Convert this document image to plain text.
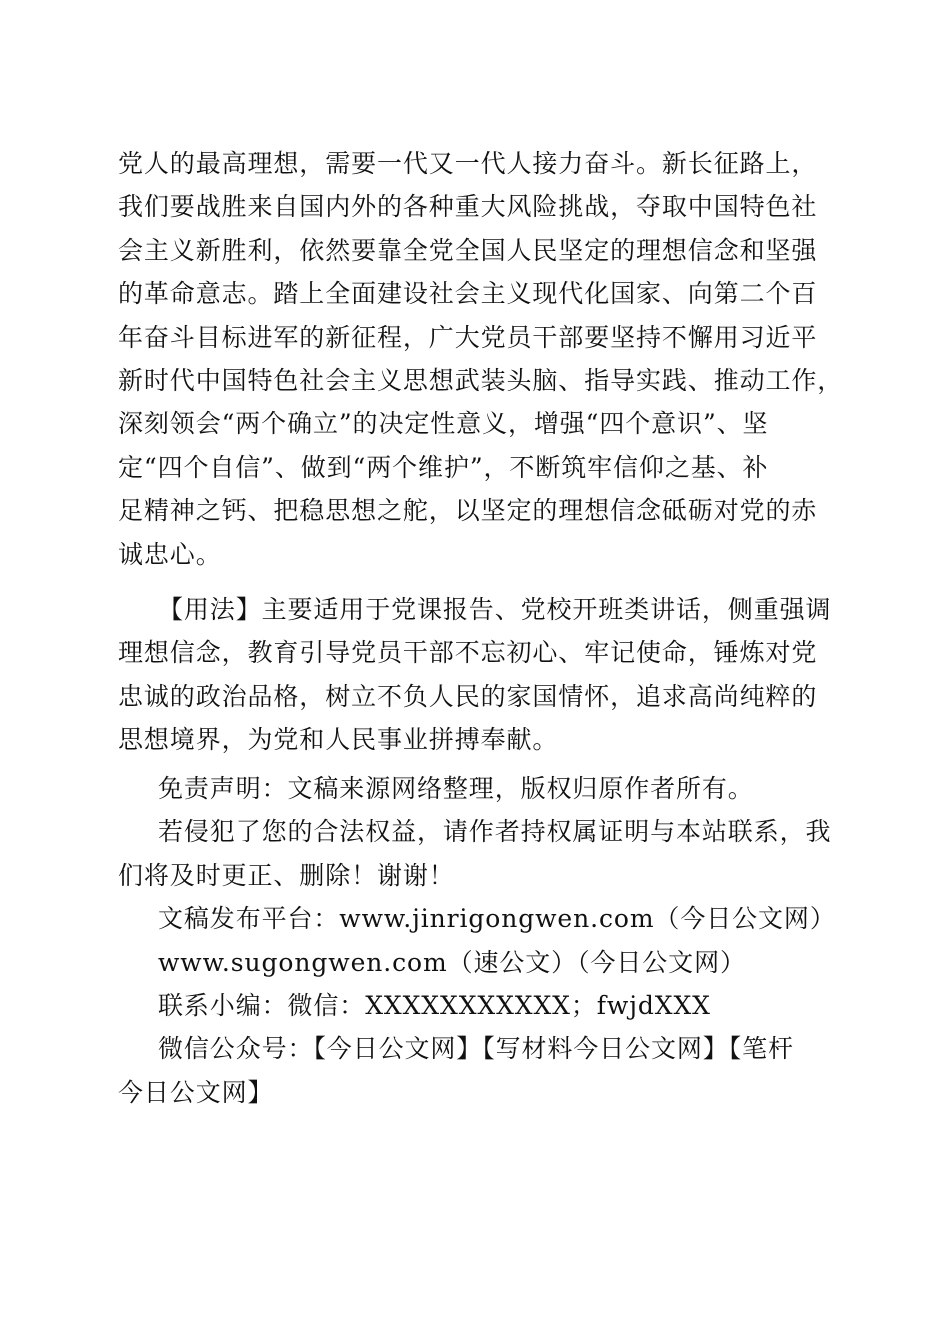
党人的最高理想，需要一代又一代人接力奋斗。新长征路上，
我们要战胜来自国内外的各种重大风险挑战，夺取中国特色社
会主义新胜利，依然要靠全党全国人民坚定的理想信念和坚强
的革命意志。踏上全面建设社会主义现代化国家、向第二个百
年奋斗目标进军的新征程，广大党员干部要坚持不懈用习近平
新时代中国特色社会主义思想武装头脑、指导实践、推动工作，
深刻领会“两个确立”的决定性意义，增强“四个意识”、坚
定“四个自信”、做到“两个维护”，不断筑牢信仰之基、补
足精神之钙、把稳思想之舵，以坚定的理想信念砥砺对党的赤
诚忠心。
【用法】主要适用于党课报告、党校开班类讲话，侧重强调
理想信念，教育引导党员干部不忘初心、牢记使命，锤炼对党
忠诚的政治品格，树立不负人民的家国情怀，追求高尚纯粹的
思想境界，为党和人民事业拼搏奉献。
免责声明：文稿来源网络整理，版权归原作者所有。
若侵犯了您的合法权益，请作者持权属证明与本站联系，我
们将及时更正、删除！谢谢！
文稿发布平台：www.jinrigongwen.com（今日公文网）
www.sugongwen.com（速公文）（今日公文网）
联系小编：微信：XXXXXXXXXXX；fwjdXXX
微信公众号：【今日公文网】【写材料今日公文网】【笔杆
今日公文网】
